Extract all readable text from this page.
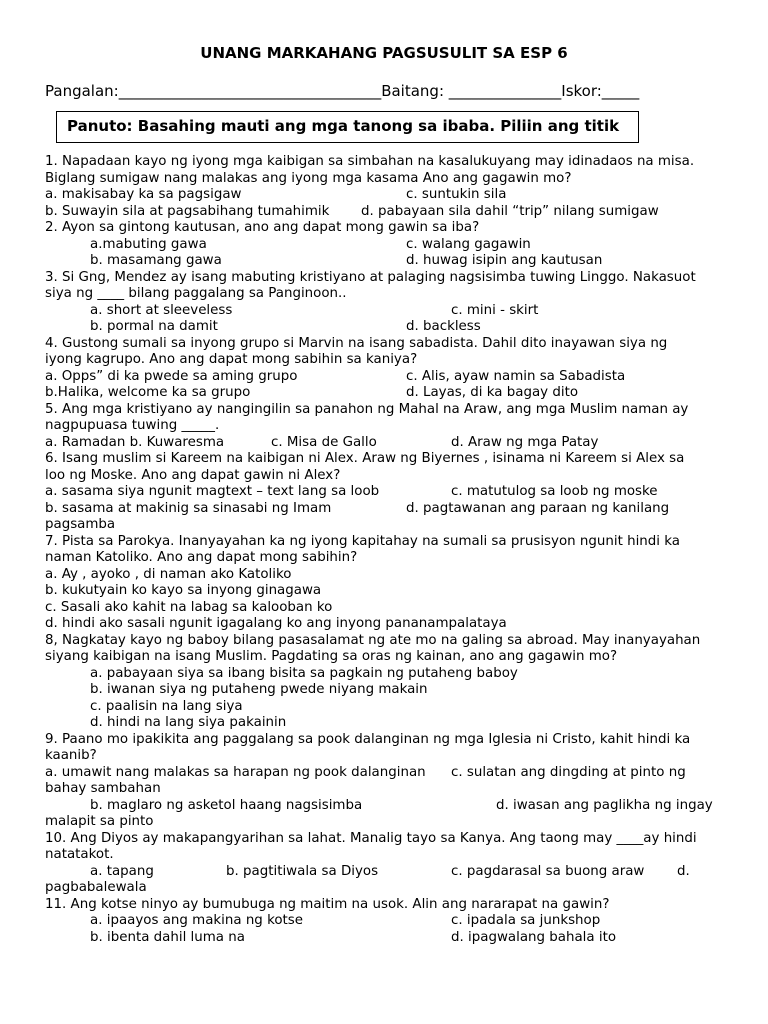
UNANG MARKAHANG PAGSUSULIT SA ESP 6
Pangalan:___________________________________Baitang: _______________Iskor:_____
Panuto: Basahing mauti ang mga tanong sa ibaba. Piliin ang titik
1. Napadaan kayo ng iyong mga kaibigan sa simbahan na kasalukuyang may idinadaos na misa.
Biglang sumigaw nang malakas ang iyong mga kasama Ano ang gagawin mo?
a. makisabay ka sa pagsigaw	c. suntukin sila
b. Suwayin sila at pagsabihang tumahimik d. pabayaan sila dahil “trip” nilang sumigaw
2. Ayon sa gintong kautusan, ano ang dapat mong gawin sa iba?
a.mabuting gawa	c. walang gagawin
b. masamang gawa	d. huwag isipin ang kautusan
3. Si Gng, Mendez ay isang mabuting kristiyano at palaging nagsisimba tuwing Linggo. Nakasuot
siya ng ____ bilang paggalang sa Panginoon..
a. short at sleeveless	c. mini - skirt
b. pormal na damit	d. backless
4. Gustong sumali sa inyong grupo si Marvin na isang sabadista. Dahil dito inayawan siya ng
iyong kagrupo. Ano ang dapat mong sabihin sa kaniya?
a. Opps” di ka pwede sa aming grupo	c. Alis, ayaw namin sa Sabadista
b.Halika, welcome ka sa grupo	d. Layas, di ka bagay dito
5. Ang mga kristiyano ay nangingilin sa panahon ng Mahal na Araw, ang mga Muslim naman ay
nagpupuasa tuwing _____.
a. Ramadan b. Kuwaresma	c. Misa de Gallo	d. Araw ng mga Patay
6. Isang muslim si Kareem na kaibigan ni Alex. Araw ng Biyernes , isinama ni Kareem si Alex sa
loo ng Moske. Ano ang dapat gawin ni Alex?
a. sasama siya ngunit magtext – text lang sa loob	c. matutulog sa loob ng moske
b. sasama at makinig sa sinasabi ng Imam	d. pagtawanan ang paraan ng kanilang
pagsamba
7. Pista sa Parokya. Inanyayahan ka ng iyong kapitahay na sumali sa prusisyon ngunit hindi ka
naman Katoliko. Ano ang dapat mong sabihin?
a. Ay , ayoko , di naman ako Katoliko
b. kukutyain ko kayo sa inyong ginagawa
c. Sasali ako kahit na labag sa kalooban ko
d. hindi ako sasali ngunit igagalang ko ang inyong pananampalataya
8, Nagkatay kayo ng baboy bilang pasasalamat ng ate mo na galing sa abroad. May inanyayahan
siyang kaibigan na isang Muslim. Pagdating sa oras ng kainan, ano ang gagawin mo?
a. pabayaan siya sa ibang bisita sa pagkain ng putaheng baboy
b. iwanan siya ng putaheng pwede niyang makain
c. paalisin na lang siya
d. hindi na lang siya pakainin
9. Paano mo ipakikita ang paggalang sa pook dalanginan ng mga Iglesia ni Cristo, kahit hindi ka
kaanib?
a. umawit nang malakas sa harapan ng pook dalanginan c. sulatan ang dingding at pinto ng
bahay sambahan
b. maglaro ng asketol haang nagsisimba	d. iwasan ang paglikha ng ingay
malapit sa pinto
10. Ang Diyos ay makapangyarihan sa lahat. Manalig tayo sa Kanya. Ang taong may ____ay hindi
natatakot.
a. tapang	b. pagtitiwala sa Diyos	c. pagdarasal sa buong araw d.
pagbabalewala
11. Ang kotse ninyo ay bumubuga ng maitim na usok. Alin ang nararapat na gawin?
a. ipaayos ang makina ng kotse	c. ipadala sa junkshop
b. ibenta dahil luma na	d. ipagwalang bahala ito
